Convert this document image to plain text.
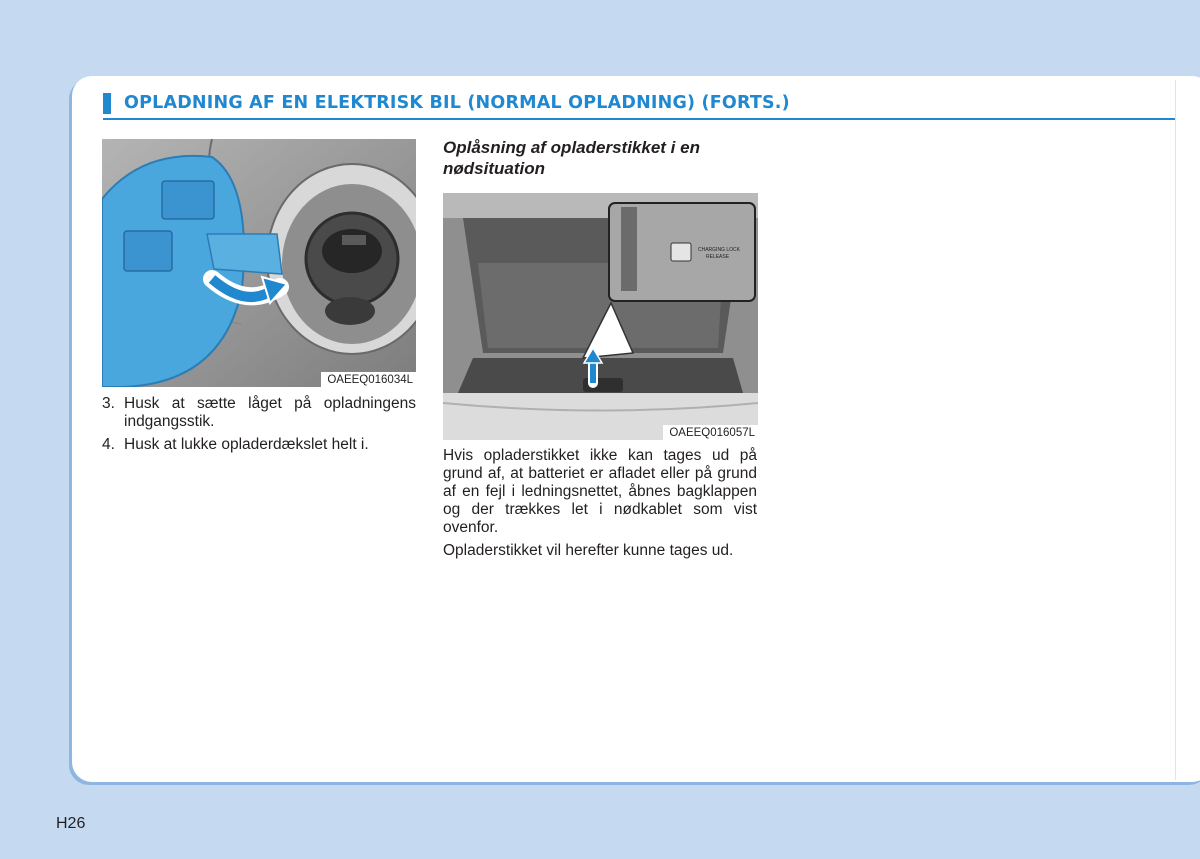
OPLADNING AF EN ELEKTRISK BIL (NORMAL OPLADNING) (FORTS.)
OAEEQ016034L
3. Husk at sætte låget på opladningens indgangsstik.
4. Husk at lukke opladerdækslet helt i.
Oplåsning af opladerstikket i en nødsituation
CHARGING LOCK
RELEASE
OAEEQ016057L

Hvis opladerstikket ikke kan tages ud på grund af, at batteriet er afladet eller på grund af en fejl i ledningsnettet, åbnes bagklappen og der trækkes let i nødkablet som vist ovenfor.

Opladerstikket vil herefter kunne tages ud.

H26
